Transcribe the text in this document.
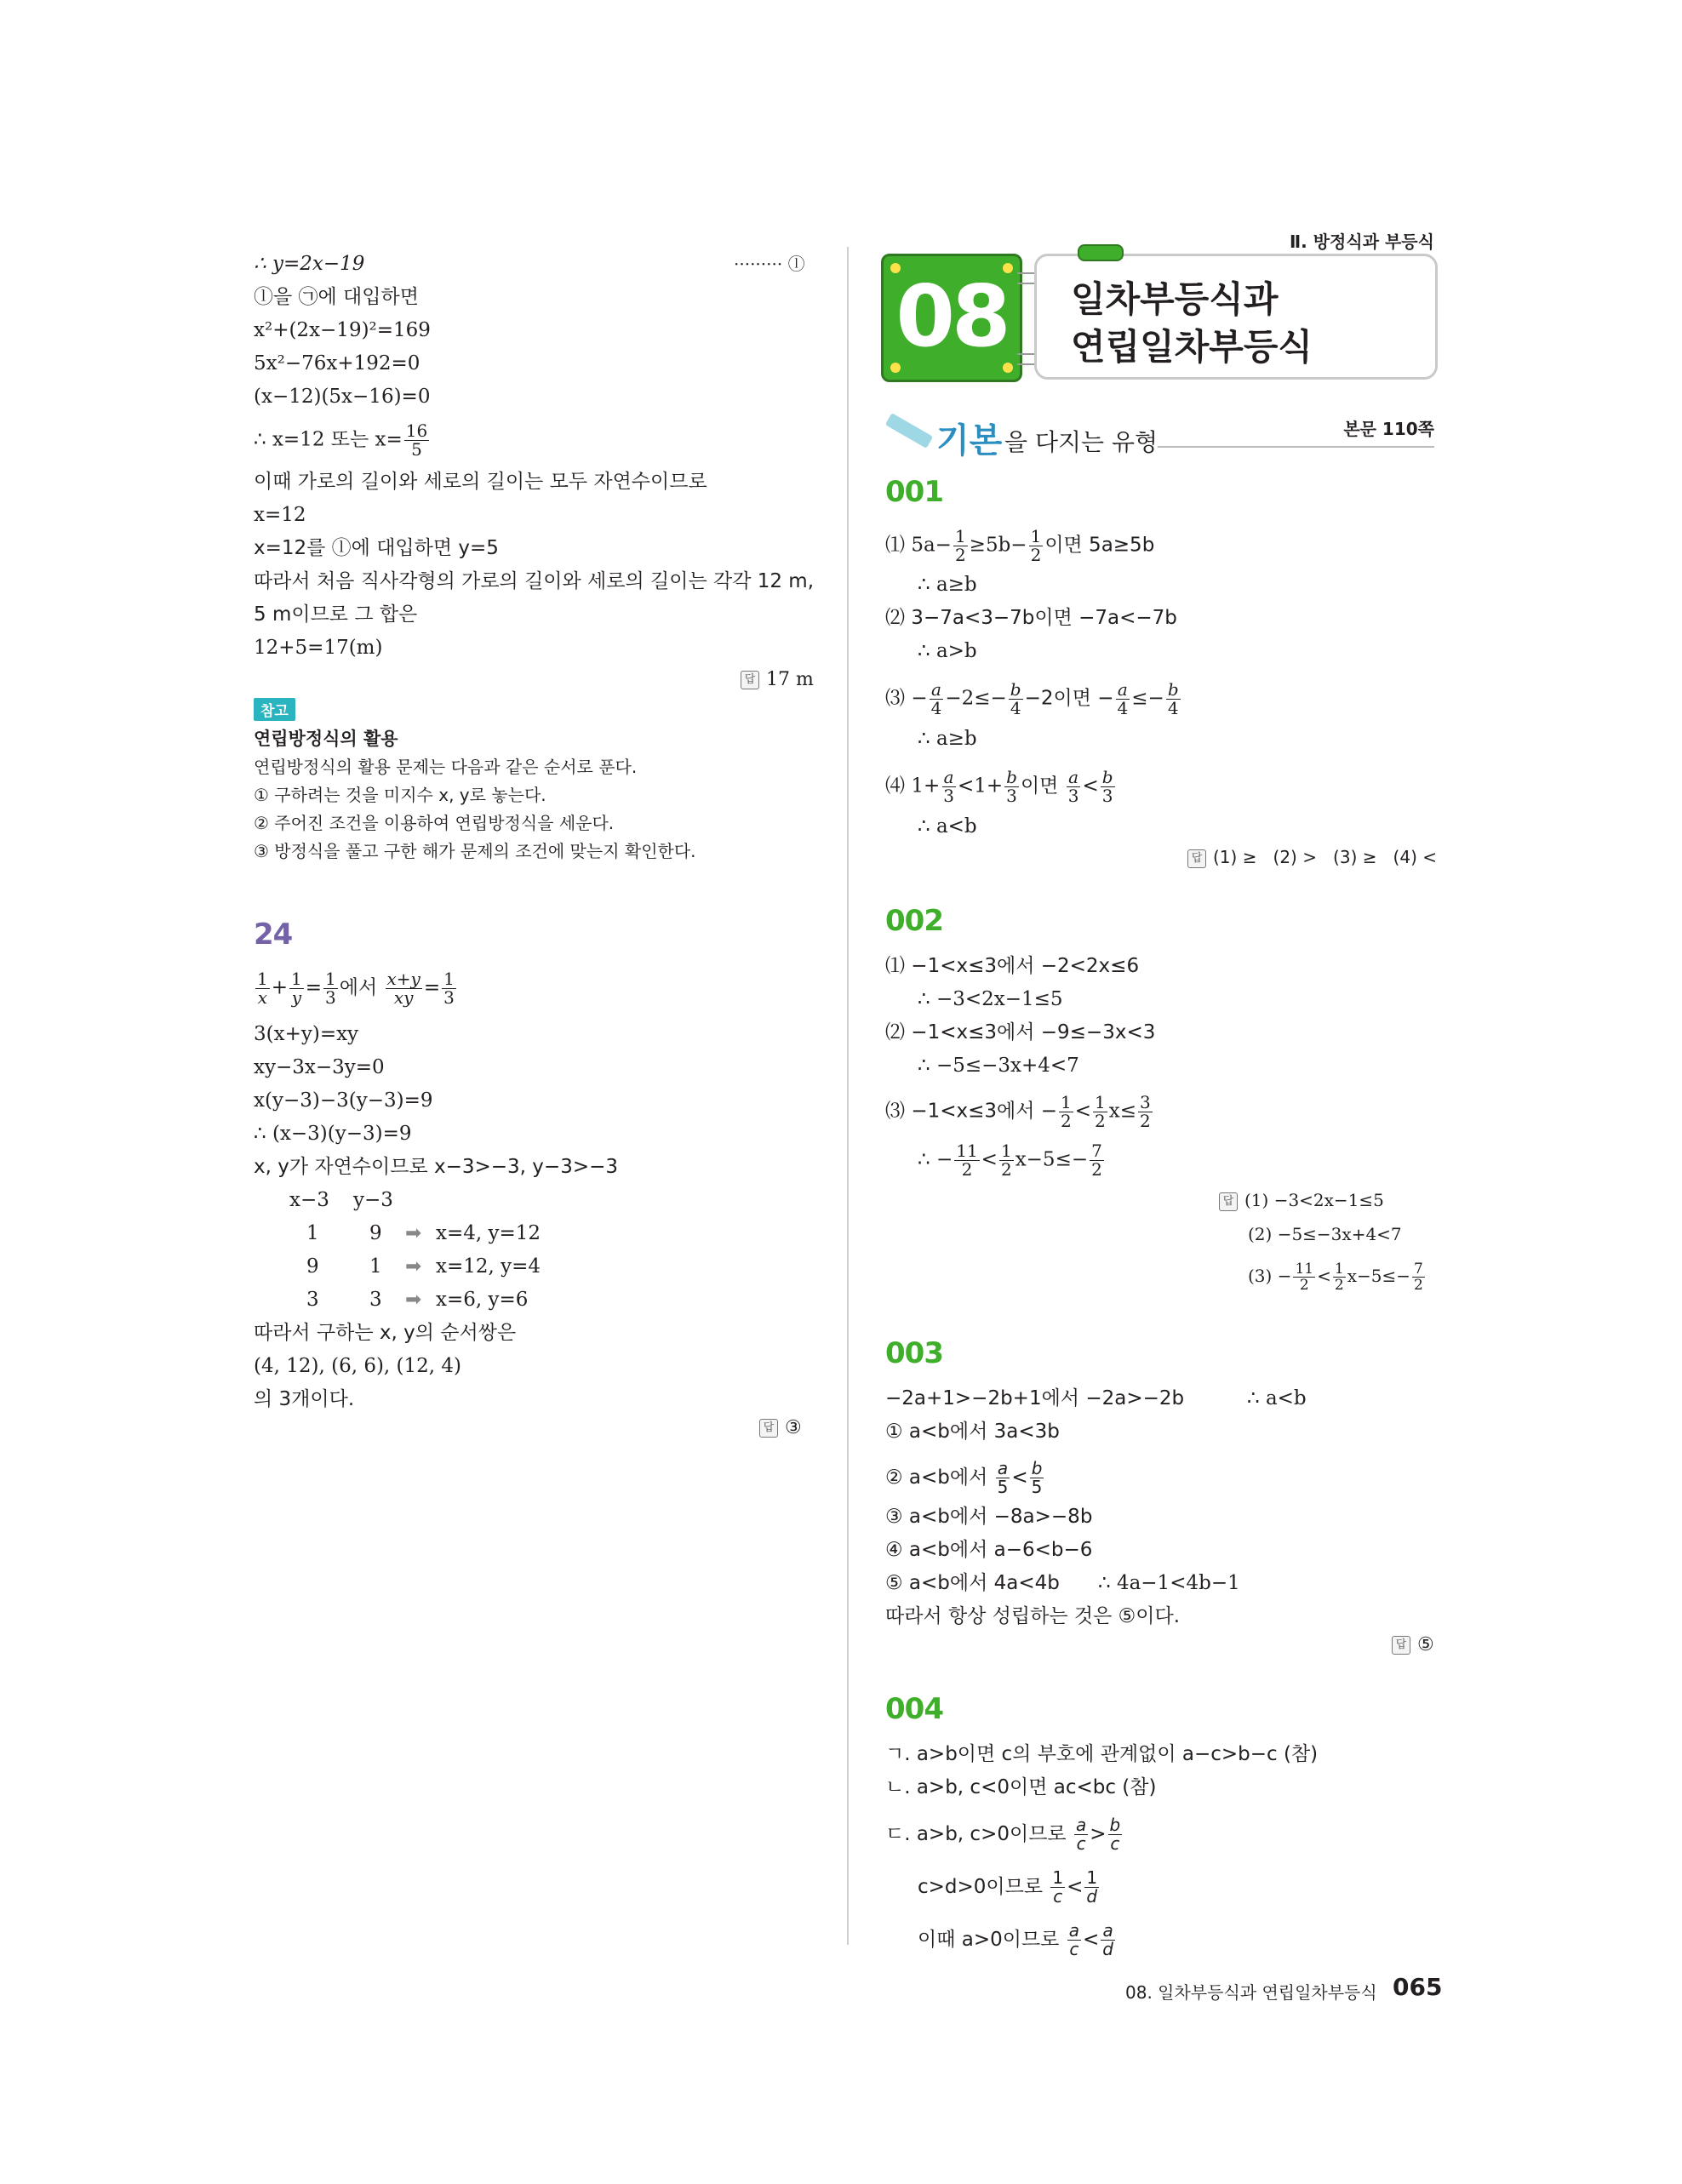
Ⅱ. 방정식과 부등식
08	일차부등식과
연립일차부등식
기본 을 다지는 유형	본문 110쪽
∴ y=2x−19	········· ⓛ
ⓛ을 ㉠에 대입하면
x²+(2x−19)²=169
5x²−76x+192=0
(x−12)(5x−16)=0
∴ x=12 또는 $x= \frac{16}{5}$
이때 가로의 길이와 세로의 길이는 모두 자연수이므로
x=12
x=12를 ⓛ에 대입하면 y=5
따라서 처음 직사각형의 가로의 길이와 세로의 길이는 각각 12 m,
5 m이므로 그 합은
12+5=17(m)
답 17 m
참고
연립방정식의 활용
연립방정식의 활용 문제는 다음과 같은 순서로 푼다.
① 구하려는 것을 미지수 x, y로 놓는다.
② 주어진 조건을 이용하여 연립방정식을 세운다.
③ 방정식을 풀고 구한 해가 문제의 조건에 맞는지 확인한다.
24
$\frac{1}{x} + \frac{1}{y} = \frac{1}{3}$ 에서 $\frac{x+y}{xy} = \frac{1}{3}$
3(x+y)=xy
xy−3x−3y=0
x(y−3)−3(y−3)=9
∴ (x−3)(y−3)=9
x, y가 자연수이므로 x−3>−3, y−3>−3
x−3 y−3
1	9 ➡ x=4, y=12
9	1 ➡ x=12, y=4
3	3 ➡ x=6, y=6
따라서 구하는 x, y의 순서쌍은
(4, 12), (6, 6), (12, 4)
의 3개이다.
답 ③
001
⑴ $5a- \frac{1}{2} \ge 5b- \frac{1}{2}$ 이면 5a≥5b
∴ a≥b
⑵ 3−7a<3−7b이면 −7a<−7b
∴ a>b
⑶ − $\frac{a}{4} -2\le- \frac{b}{4} -2$이면 − $\frac{a}{4} \le- \frac{b}{4}$
∴ a≥b
⑷ $1+ \frac{a}{3} <1+ \frac{b}{3}$ 이면 $\frac{a}{3} < \frac{b}{3}$
∴ a<b
답 (1) ≥   (2) >   (3) ≥   (4) <
002
⑴ −1<x≤3에서 −2<2x≤6
∴ −3<2x−1≤5
⑵ −1<x≤3에서 −9≤−3x<3
∴ −5≤−3x+4<7
⑶ −1<x≤3에서 − $\frac{1}{2} < \frac{1}{2} x\le \frac{3}{2}$
∴ − $\frac{11}{2} < \frac{1}{2} x-5\le- \frac{7}{2}$
답 (1) −3<2x−1≤5
(2) −5≤−3x+4<7
$(3) - \frac{11}{2} < \frac{1}{2} x-5\le- \frac{7}{2}$
003
−2a+1>−2b+1에서 −2a>−2b	∴ a<b
① a<b에서 3a<3b
② a<b에서 $\frac{a}{5} < \frac{b}{5}$
③ a<b에서 −8a>−8b
④ a<b에서 a−6<b−6
⑤ a<b에서 4a<4b ∴ 4a−1<4b−1
따라서 항상 성립하는 것은 ⑤이다.
답 ⑤
004
ㄱ. a>b이면 c의 부호에 관계없이 a−c>b−c (참)
ㄴ. a>b, c<0이면 ac<bc (참)
ㄷ. a>b, c>0이므로 $\frac{a}{c} > \frac{b}{c}$
c>d>0이므로 $\frac{1}{c} < \frac{1}{d}$
이때 a>0이므로 $\frac{a}{c} < \frac{a}{d}$
08. 일차부등식과 연립일차부등식 065
